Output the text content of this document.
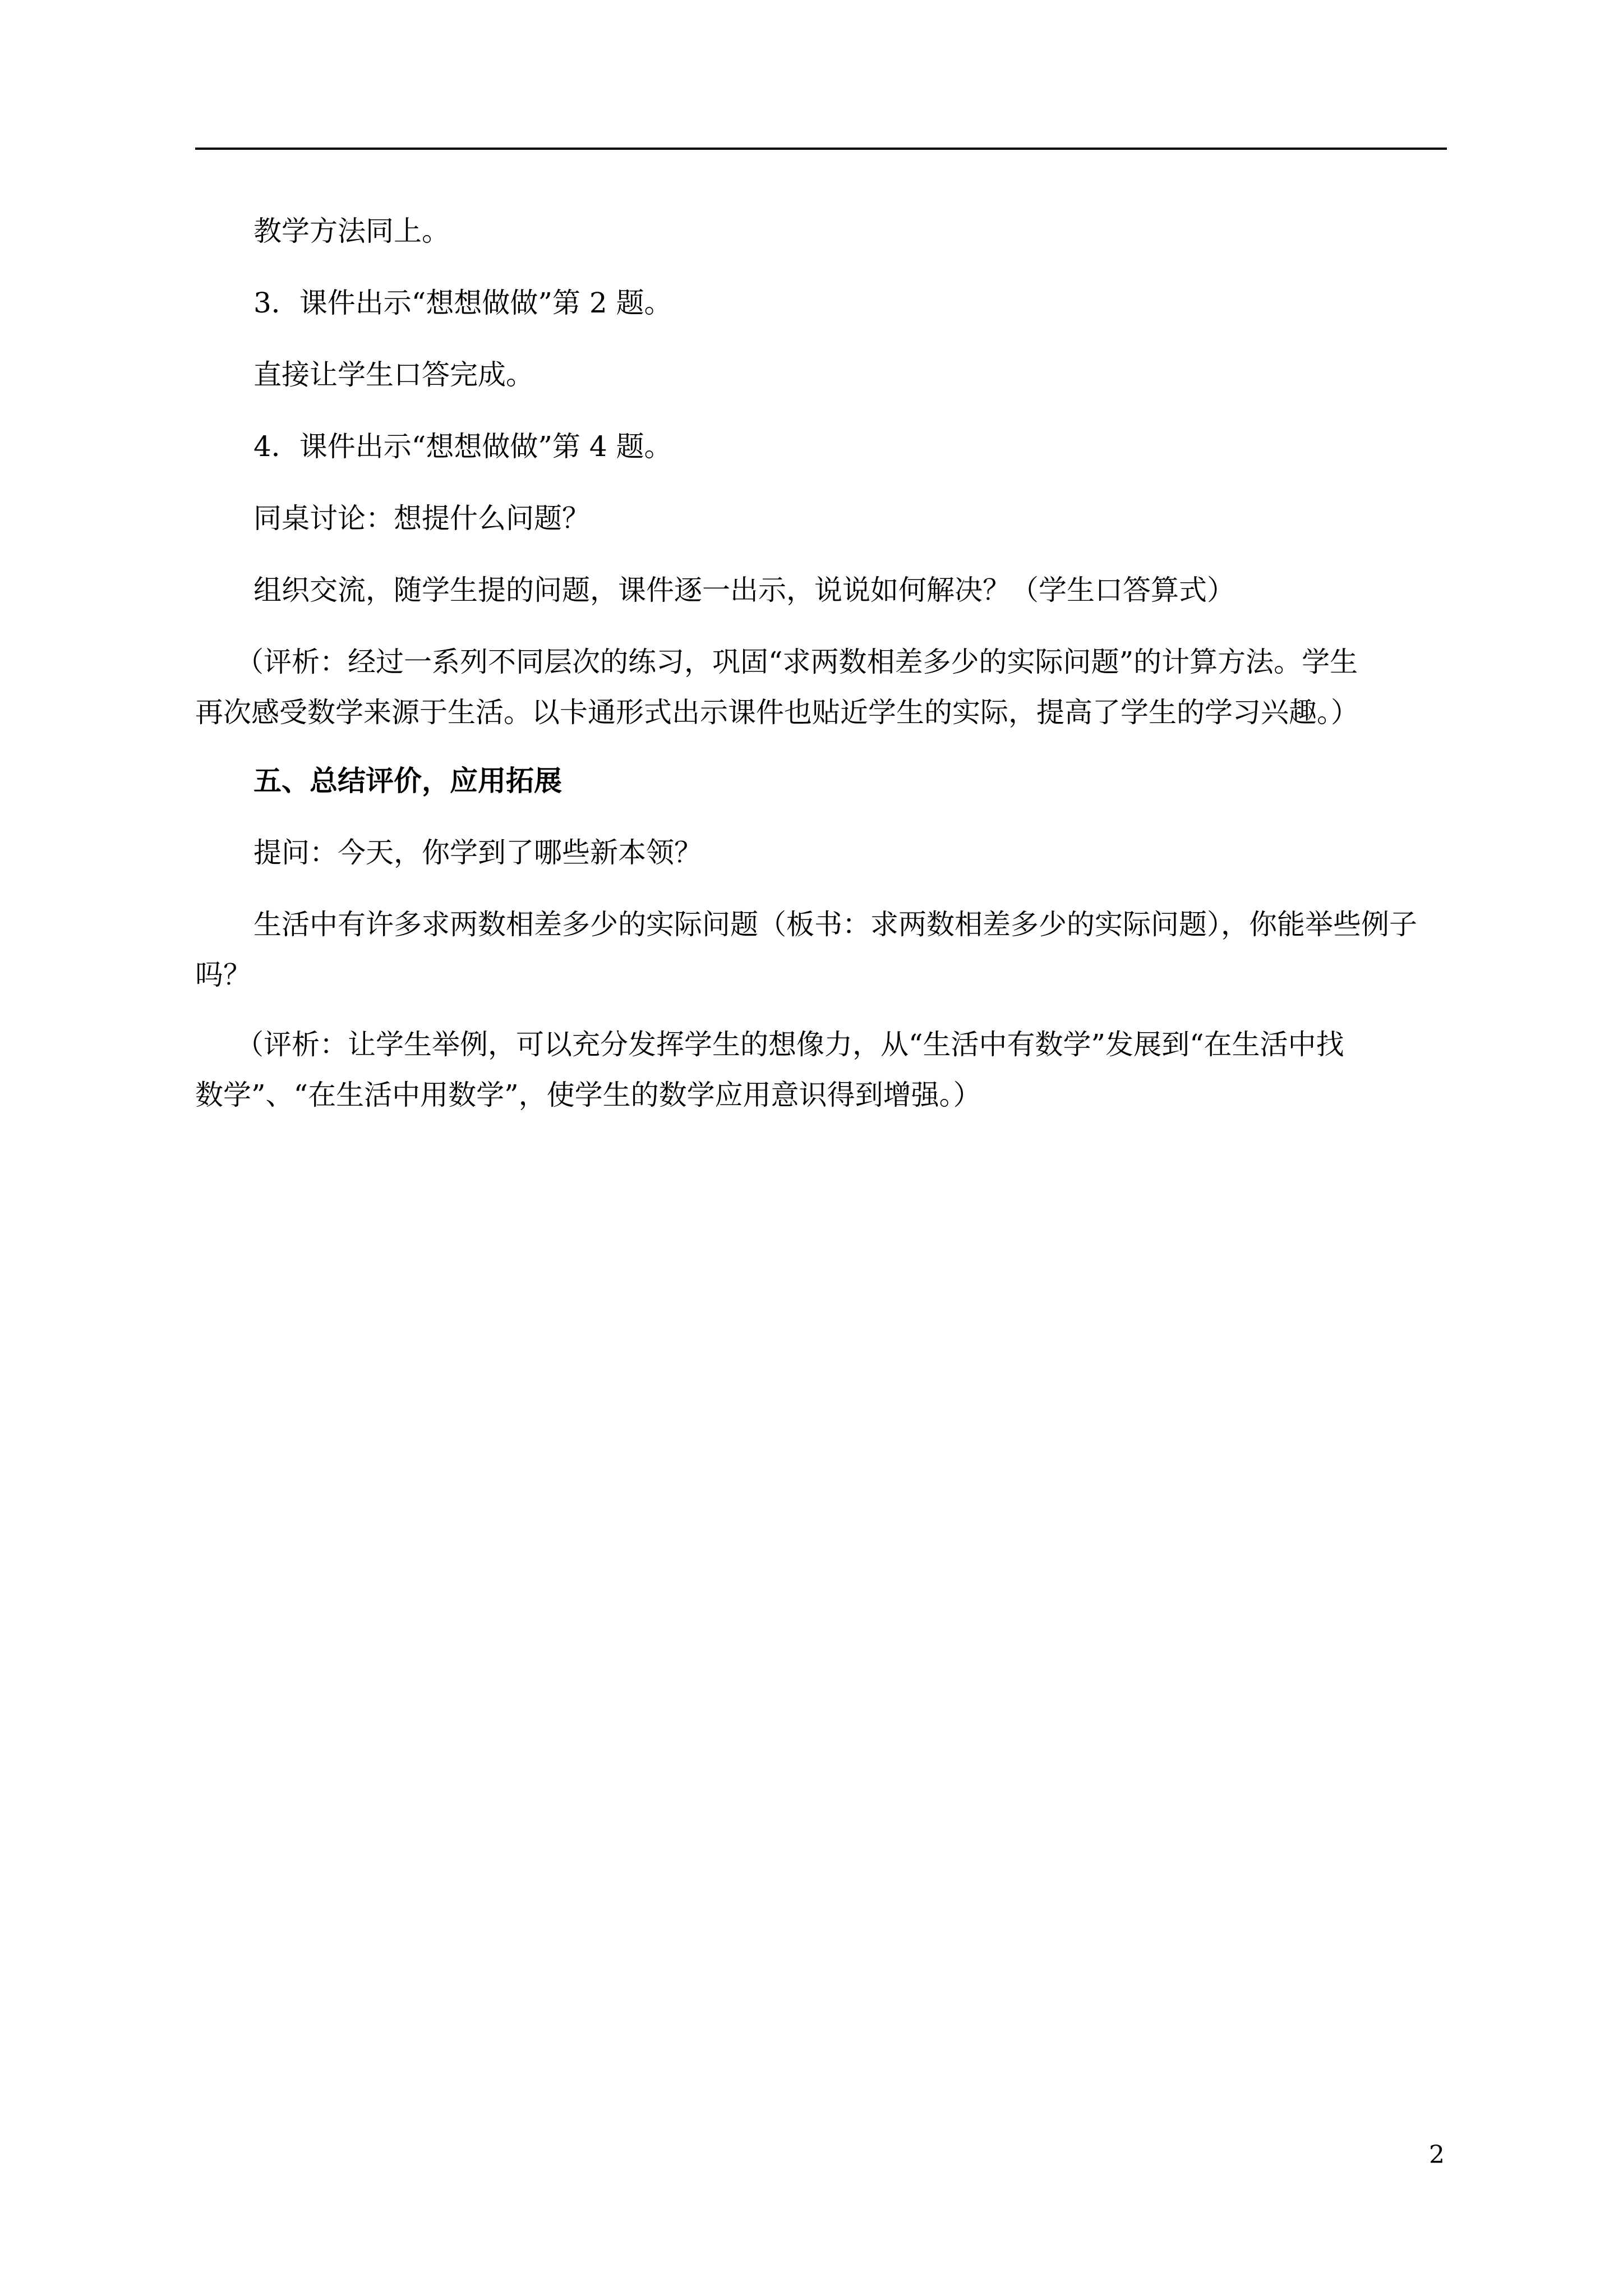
教学方法同上。
3．课件出示“想想做做”第 2 题。
直接让学生口答完成。
4．课件出示“想想做做”第 4 题。
同桌讨论：想提什么问题？
组织交流，随学生提的问题，课件逐一出示，说说如何解决？（学生口答算式）
（评析：经过一系列不同层次的练习，巩固“求两数相差多少的实际问题”的计算方法。学生
再次感受数学来源于生活。以卡通形式出示课件也贴近学生的实际，提高了学生的学习兴趣。）
五、总结评价，应用拓展
提问：今天，你学到了哪些新本领？
生活中有许多求两数相差多少的实际问题（板书：求两数相差多少的实际问题），你能举些例子
吗？
（评析：让学生举例，可以充分发挥学生的想像力，从“生活中有数学”发展到“在生活中找
数学”、“在生活中用数学”，使学生的数学应用意识得到增强。）
2
